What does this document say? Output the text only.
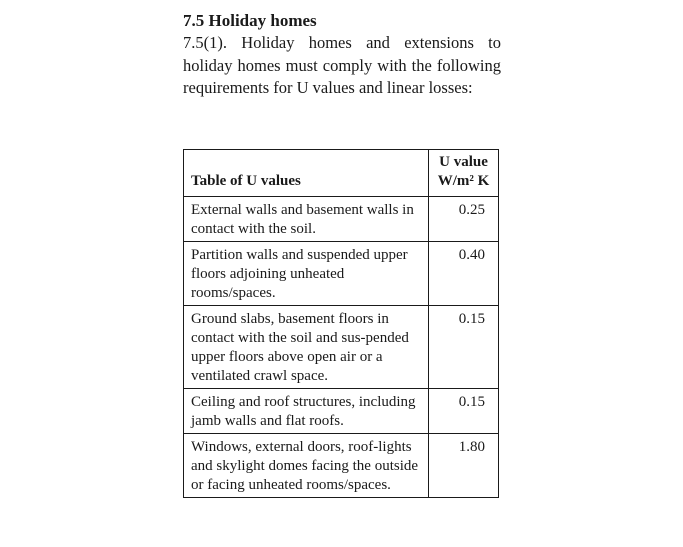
7.5 Holiday homes

7.5(1). Holiday homes and extensions to holiday homes must comply with the following requirements for U values and linear losses:

Table of U values	U value
W/m² K

External walls and basement walls in contact with the soil.	0.25
Partition walls and suspended upper floors adjoining unheated rooms/spaces.	0.40
Ground slabs, basement floors in contact with the soil and sus-pended upper floors above open air or a ventilated crawl space.	0.15
Ceiling and roof structures, including jamb walls and flat roofs.	0.15
Windows, external doors, roof-lights and skylight domes facing the outside or facing unheated rooms/spaces.	1.80
